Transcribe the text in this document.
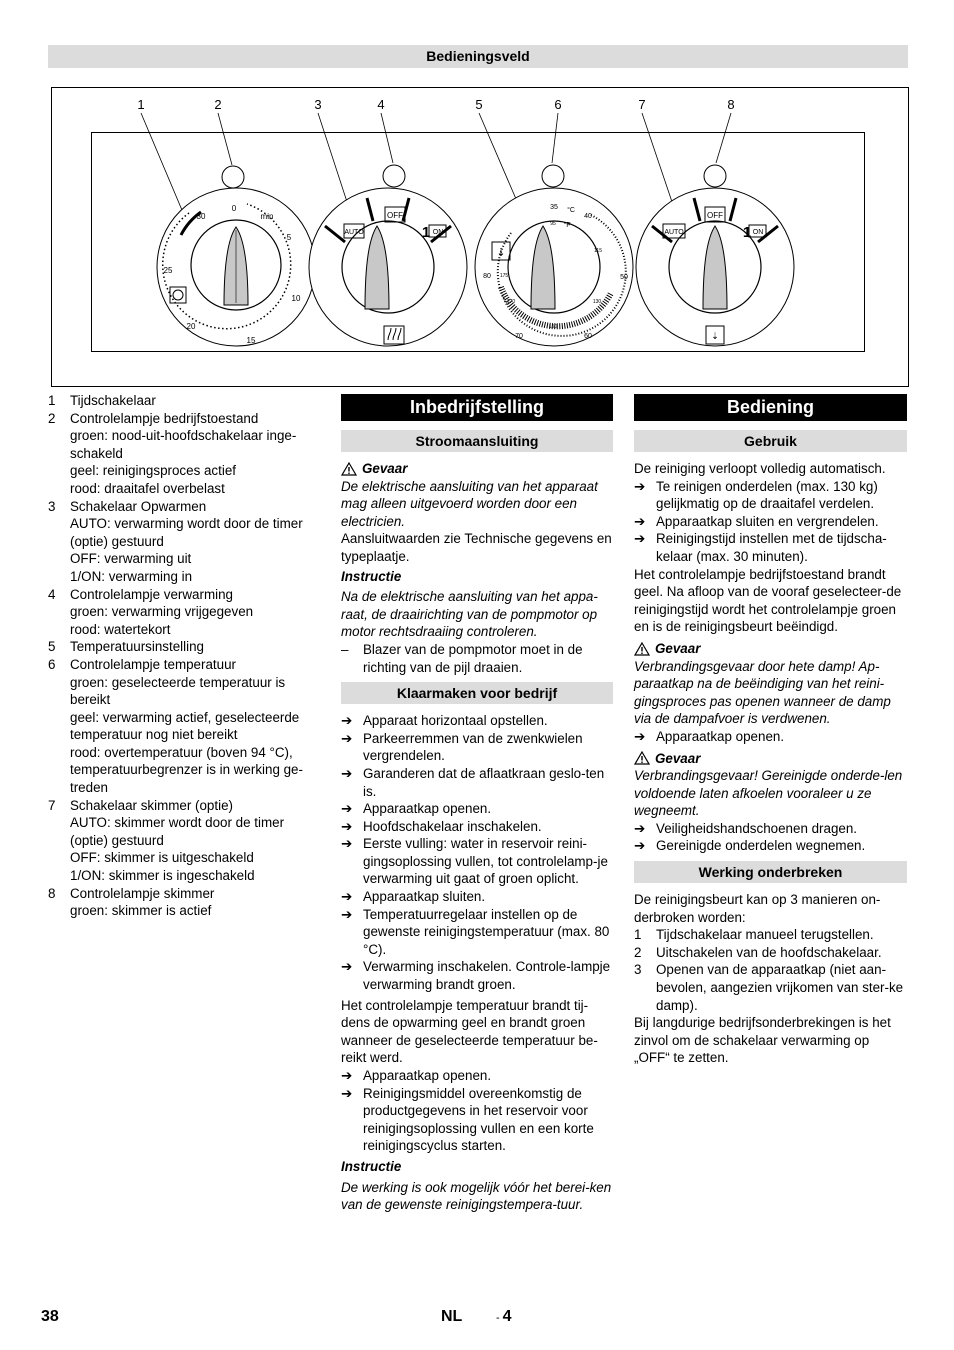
Bedieningsveld
1	2	3	4	5	6	7	8
0
min
5
10
15
20
25
30	OFF
AUTO	1 ON
⇣
35 °C
°F
40
95
115
50
130
60
150
70
170
80 175
OFF
AUTO	1 ON
⇣
1	Tijdschakelaar
2	Controlelampje bedrijfstoestand
groen: nood-uit-hoofdschakelaar inge-schakeld
geel: reinigingsproces actief
rood: draaitafel overbelast
3	Schakelaar Opwarmen
AUTO: verwarming wordt door de timer (optie) gestuurd
OFF: verwarming uit
1/ON: verwarming in
4	Controlelampje verwarming
groen: verwarming vrijgegeven
rood: watertekort
5	Temperatuursinstelling
6	Controlelampje temperatuur
groen: geselecteerde temperatuur is bereikt
geel: verwarming actief, geselecteerde temperatuur nog niet bereikt
rood: overtemperatuur (boven 94 °C), temperatuurbegrenzer is in werking ge-treden
7	Schakelaar skimmer (optie)
AUTO: skimmer wordt door de timer (optie) gestuurd
OFF: skimmer is uitgeschakeld
1/ON: skimmer is ingeschakeld
8	Controlelampje skimmer
groen: skimmer is actief
Inbedrijfstelling
Stroomaansluiting
Gevaar

De elektrische aansluiting van het apparaat mag alleen uitgevoerd worden door een electricien.

Aansluitwaarden zie Technische gegevens en typeplaatje.

Instructie

Na de elektrische aansluiting van het appa-raat, de draairichting van de pompmotor op motor rechtsdraaiing controleren.

–	Blazer van de pompmotor moet in de richting van de pijl draaien.
Klaarmaken voor bedrijf
➔ Apparaat horizontaal opstellen.
➔ Parkeerremmen van de zwenkwielen vergrendelen.
➔ Garanderen dat de aflaatkraan geslo-ten is.
➔ Apparaatkap openen.
➔ Hoofdschakelaar inschakelen.
➔ Eerste vulling: water in reservoir reini-gingsoplossing vullen, tot controlelamp-je verwarming uit gaat of groen oplicht.
➔ Apparaatkap sluiten.
➔ Temperatuurregelaar instellen op de gewenste reinigingstemperatuur (max. 80 °C).
➔ Verwarming inschakelen. Controle-lampje verwarming brandt groen.

Het controlelampje temperatuur brandt tij-dens de opwarming geel en brandt groen wanneer de geselecteerde temperatuur be-reikt werd.

➔ Apparaatkap openen.
➔ Reinigingsmiddel overeenkomstig de productgegevens in het reservoir voor reinigingsoplossing vullen en een korte reinigingscyclus starten.
Instructie

De werking is ook mogelijk vóór het berei-ken van de gewenste reinigingstempera-tuur.

Bediening
Gebruik

De reiniging verloopt volledig automatisch.

➔ Te reinigen onderdelen (max. 130 kg) gelijkmatig op de draaitafel verdelen.
➔ Apparaatkap sluiten en vergrendelen.
➔ Reinigingstijd instellen met de tijdscha-kelaar (max. 30 minuten).

Het controlelampje bedrijfstoestand brandt geel. Na afloop van de vooraf geselecteer-de reinigingstijd wordt het controlelampje groen en is de reinigingsbeurt beëindigd.

Gevaar

Verbrandingsgevaar door hete damp! Ap-paraatkap na de beëindiging van het reini-gingsproces pas openen wanneer de damp via de dampafvoer is verdwenen.

➔ Apparaatkap openen.
Gevaar

Verbrandingsgevaar! Gereinigde onderde-len voldoende laten afkoelen vooraleer u ze wegneemt.

➔ Veiligheidshandschoenen dragen.
➔ Gereinigde onderdelen wegnemen.
Werking onderbreken

De reinigingsbeurt kan op 3 manieren on-derbroken worden:

1	Tijdschakelaar manueel terugstellen.
2	Uitschakelen van de hoofdschakelaar.
3	Openen van de apparaatkap (niet aan-bevolen, aangezien vrijkomen van ster-ke damp).

Bij langdurige bedrijfsonderbrekingen is het zinvol om de schakelaar verwarming op „OFF“ te zetten.

38	NL	- 4
